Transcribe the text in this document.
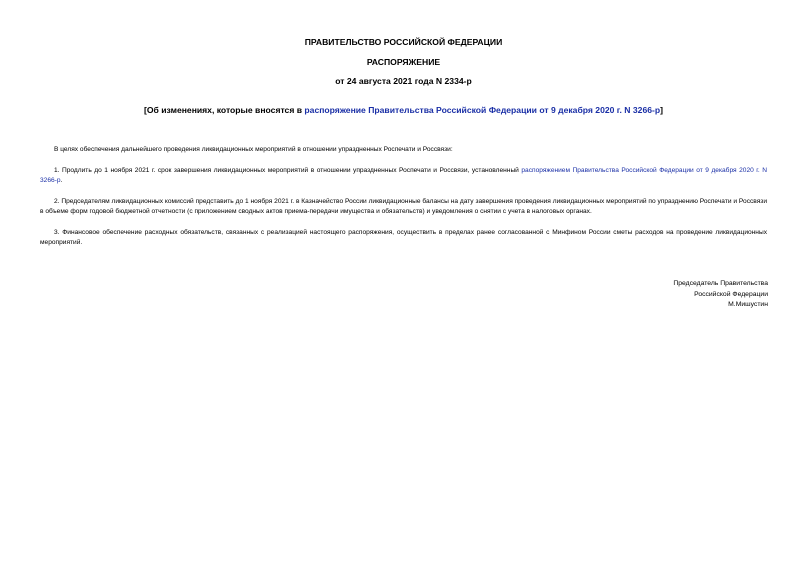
ПРАВИТЕЛЬСТВО РОССИЙСКОЙ ФЕДЕРАЦИИ
РАСПОРЯЖЕНИЕ
от 24 августа 2021 года N 2334-р
[Об изменениях, которые вносятся в распоряжение Правительства Российской Федерации от 9 декабря 2020 г. N 3266-р]

В целях обеспечения дальнейшего проведения ликвидационных мероприятий в отношении упраздненных Роспечати и Россвязи:

1. Продлить до 1 ноября 2021 г. срок завершения ликвидационных мероприятий в отношении упраздненных Роспечати и Россвязи, установленный распоряжением Правительства Российской Федерации от 9 декабря 2020 г. N 3266-р.

2. Председателям ликвидационных комиссий представить до 1 ноября 2021 г. в Казначейство России ликвидационные балансы на дату завершения проведения ликвидационных мероприятий по упразднению Роспечати и Россвязи в объеме форм годовой бюджетной отчетности (с приложением сводных актов приема-передачи имущества и обязательств) и уведомления о снятии с учета в налоговых органах.

3. Финансовое обеспечение расходных обязательств, связанных с реализацией настоящего распоряжения, осуществить в пределах ранее согласованной с Минфином России сметы расходов на проведение ликвидационных мероприятий.

Председатель Правительства
Российской Федерации
М.Мишустин
